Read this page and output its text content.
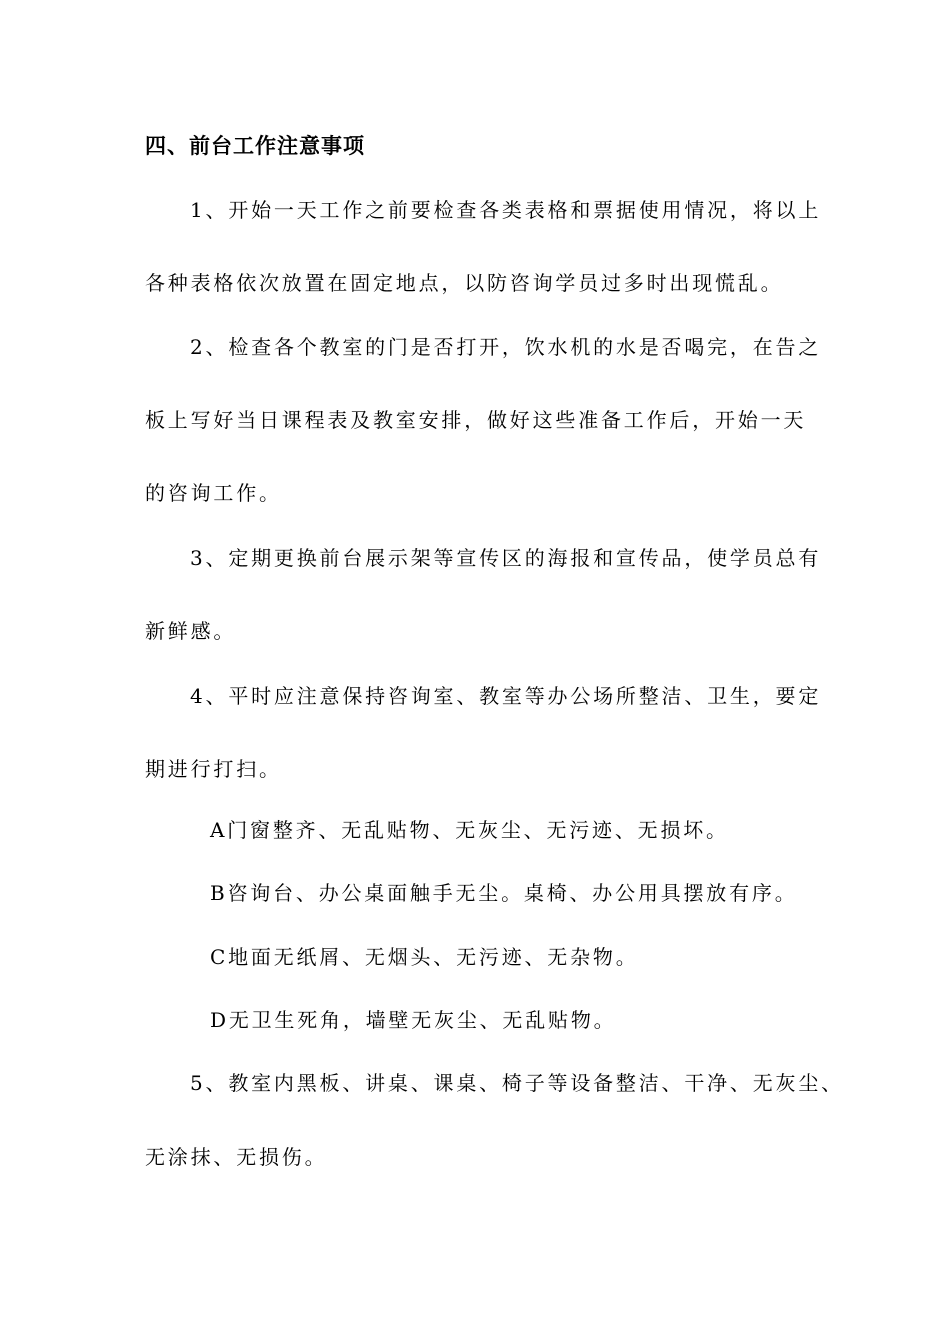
四、前台工作注意事项
1、开始一天工作之前要检查各类表格和票据使用情况，将以上
各种表格依次放置在固定地点，以防咨询学员过多时出现慌乱。
2、检查各个教室的门是否打开，饮水机的水是否喝完，在告之
板上写好当日课程表及教室安排，做好这些准备工作后，开始一天
的咨询工作。
3、定期更换前台展示架等宣传区的海报和宣传品，使学员总有
新鲜感。
4、平时应注意保持咨询室、教室等办公场所整洁、卫生，要定
期进行打扫。
A门窗整齐、无乱贴物、无灰尘、无污迹、无损坏。
B咨询台、办公桌面触手无尘。桌椅、办公用具摆放有序。
C地面无纸屑、无烟头、无污迹、无杂物。
D无卫生死角，墙壁无灰尘、无乱贴物。
5、教室内黑板、讲桌、课桌、椅子等设备整洁、干净、无灰尘、
无涂抹、无损伤。
